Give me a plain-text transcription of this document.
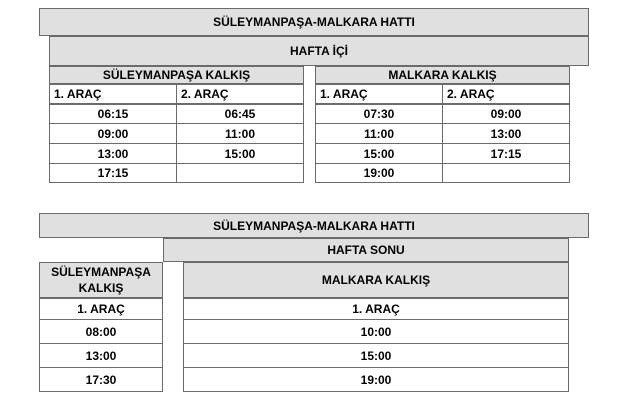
SÜLEYMANPAŞA-MALKARA HATTI
HAFTA İÇİ
SÜLEYMANPAŞA KALKIŞ
1. ARAÇ	2. ARAÇ
06:15	06:45
09:00	11:00
13:00	15:00
17:15
MALKARA KALKIŞ
1. ARAÇ	2. ARAÇ
07:30	09:00
11:00	13:00
15:00	17:15
19:00
SÜLEYMANPAŞA-MALKARA HATTI
HAFTA SONU
SÜLEYMANPAŞA
KALKIŞ
1. ARAÇ
08:00
13:00
17:30
MALKARA KALKIŞ
1. ARAÇ
10:00
15:00
19:00
